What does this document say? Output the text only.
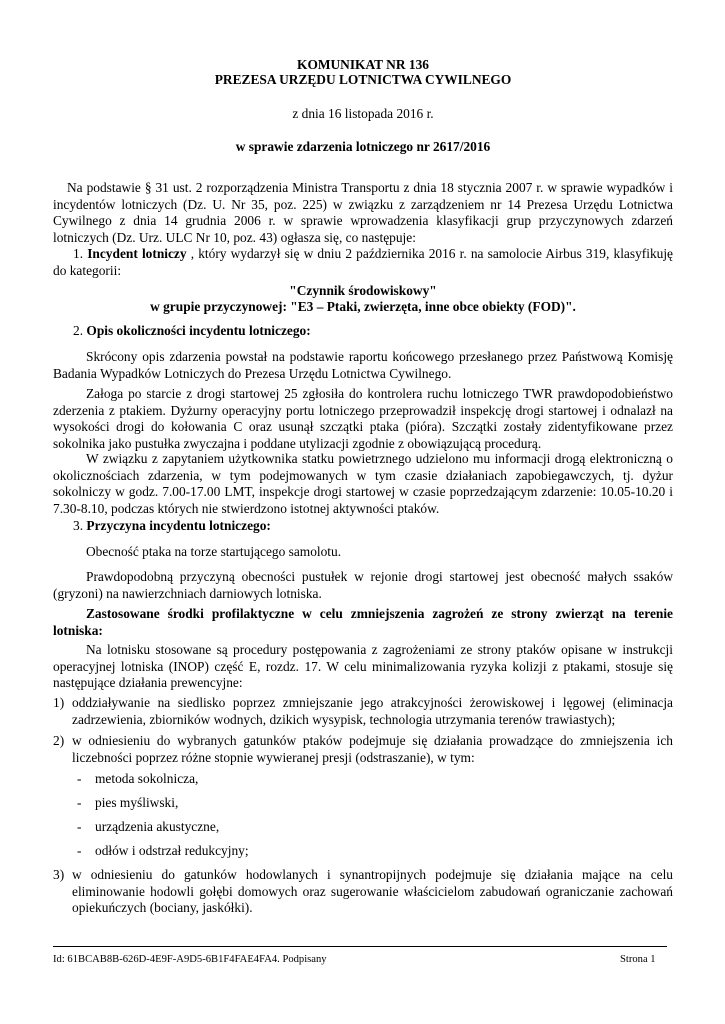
KOMUNIKAT NR 136
PREZESA URZĘDU LOTNICTWA CYWILNEGO
z dnia 16 listopada 2016 r.
w sprawie zdarzenia lotniczego nr 2617/2016

Na podstawie § 31 ust. 2 rozporządzenia Ministra Transportu z dnia 18 stycznia 2007 r. w sprawie wypadków i incydentów lotniczych (Dz. U. Nr 35, poz. 225) w związku z zarządzeniem nr 14 Prezesa Urzędu Lotnictwa Cywilnego z dnia 14 grudnia 2006 r. w sprawie wprowadzenia klasyfikacji grup przyczynowych zdarzeń lotniczych (Dz. Urz. ULC Nr 10, poz. 43) ogłasza się, co następuje:

1. Incydent lotniczy , który wydarzył się w dniu 2 października 2016 r. na samolocie Airbus 319, klasyfikuję do kategorii:
"Czynnik środowiskowy"
w grupie przyczynowej: "E3 – Ptaki, zwierzęta, inne obce obiekty (FOD)".
2. Opis okoliczności incydentu lotniczego:

Skrócony opis zdarzenia powstał na podstawie raportu końcowego przesłanego przez Państwową Komisję Badania Wypadków Lotniczych do Prezesa Urzędu Lotnictwa Cywilnego.

Załoga po starcie z drogi startowej 25 zgłosiła do kontrolera ruchu lotniczego TWR prawdopodobieństwo zderzenia z ptakiem. Dyżurny operacyjny portu lotniczego przeprowadził inspekcję drogi startowej i odnalazł na wysokości drogi do kołowania C oraz usunął szczątki ptaka (pióra). Szczątki zostały zidentyfikowane przez sokolnika jako pustułka zwyczajna i poddane utylizacji zgodnie z obowiązującą procedurą.

W związku z zapytaniem użytkownika statku powietrznego udzielono mu informacji drogą elektroniczną o okolicznościach zdarzenia, w tym podejmowanych w tym czasie działaniach zapobiegawczych, tj. dyżur sokolniczy w godz. 7.00-17.00 LMT, inspekcje drogi startowej w czasie poprzedzającym zdarzenie: 10.05-10.20 i 7.30-8.10, podczas których nie stwierdzono istotnej aktywności ptaków.

3. Przyczyna incydentu lotniczego:

Obecność ptaka na torze startującego samolotu.

Prawdopodobną przyczyną obecności pustułek w rejonie drogi startowej jest obecność małych ssaków (gryzoni) na nawierzchniach darniowych lotniska.

Zastosowane środki profilaktyczne w celu zmniejszenia zagrożeń ze strony zwierząt na terenie lotniska:

Na lotnisku stosowane są procedury postępowania z zagrożeniami ze strony ptaków opisane w instrukcji operacyjnej lotniska (INOP) część E, rozdz. 17. W celu minimalizowania ryzyka kolizji z ptakami, stosuje się następujące działania prewencyjne:

1) oddziaływanie na siedlisko poprzez zmniejszanie jego atrakcyjności żerowiskowej i lęgowej (eliminacja zadrzewienia, zbiorników wodnych, dzikich wysypisk, technologia utrzymania terenów trawiastych);
2) w odniesieniu do wybranych gatunków ptaków podejmuje się działania prowadzące do zmniejszenia ich liczebności poprzez różne stopnie wywieranej presji (odstraszanie), w tym:
- metoda sokolnicza,
- pies myśliwski,
- urządzenia akustyczne,
- odłów i odstrzał redukcyjny;
3) w odniesieniu do gatunków hodowlanych i synantropijnych podejmuje się działania mające na celu eliminowanie hodowli gołębi domowych oraz sugerowanie właścicielom zabudowań ograniczanie zachowań opiekuńczych (bociany, jaskółki).
Id: 61BCAB8B-626D-4E9F-A9D5-6B1F4FAE4FA4. Podpisany	Strona 1
